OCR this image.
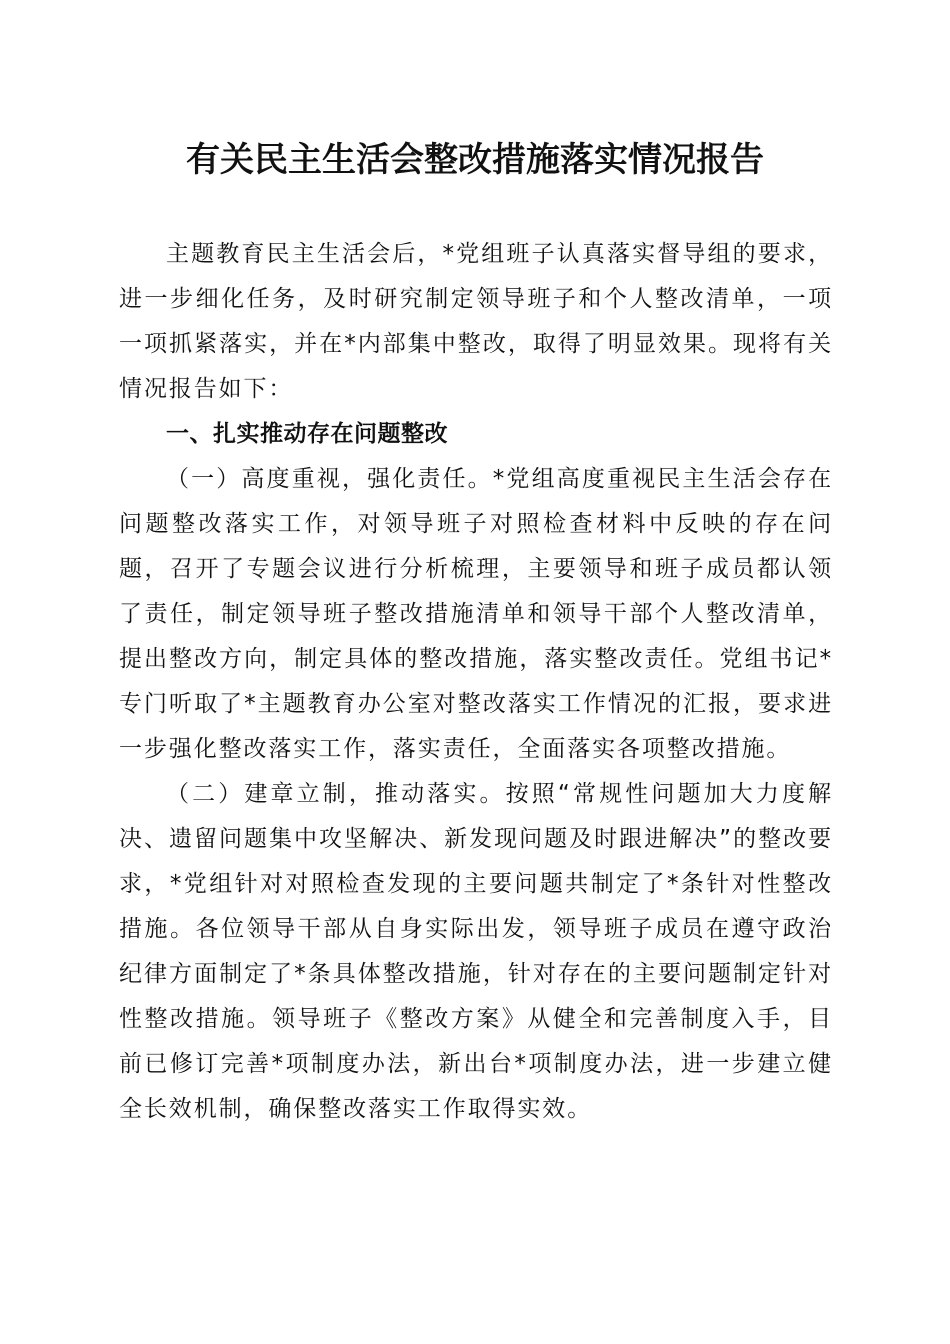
有关民主生活会整改措施落实情况报告

主题教育民主生活会后，*党组班子认真落实督导组的要求，进一步细化任务，及时研究制定领导班子和个人整改清单，一项一项抓紧落实，并在*内部集中整改，取得了明显效果。现将有关情况报告如下：

一、扎实推动存在问题整改

（一）高度重视，强化责任。*党组高度重视民主生活会存在问题整改落实工作，对领导班子对照检查材料中反映的存在问题，召开了专题会议进行分析梳理，主要领导和班子成员都认领了责任，制定领导班子整改措施清单和领导干部个人整改清单，提出整改方向，制定具体的整改措施，落实整改责任。党组书记*专门听取了*主题教育办公室对整改落实工作情况的汇报，要求进一步强化整改落实工作，落实责任，全面落实各项整改措施。

（二）建章立制，推动落实。按照“常规性问题加大力度解决、遗留问题集中攻坚解决、新发现问题及时跟进解决”的整改要求，*党组针对对照检查发现的主要问题共制定了*条针对性整改措施。各位领导干部从自身实际出发，领导班子成员在遵守政治纪律方面制定了*条具体整改措施，针对存在的主要问题制定针对性整改措施。领导班子《整改方案》从健全和完善制度入手，目前已修订完善*项制度办法，新出台*项制度办法，进一步建立健全长效机制，确保整改落实工作取得实效。
